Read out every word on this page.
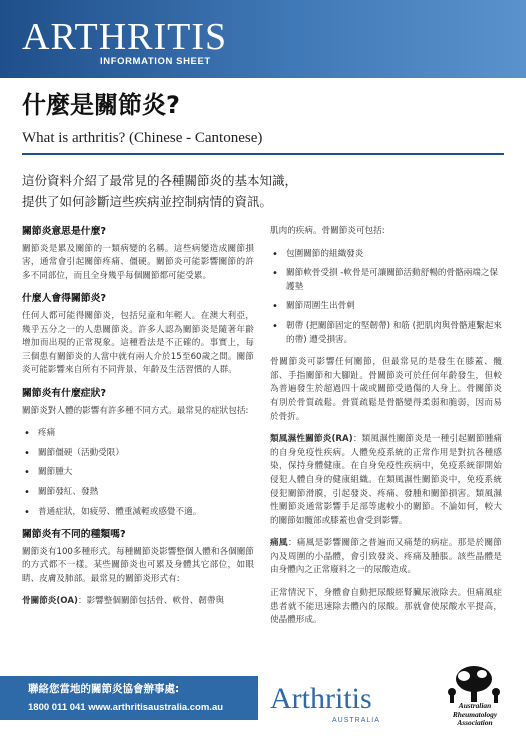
ARTHRITIS
INFORMATION SHEET
什麼是關節炎?
What is arthritis? (Chinese - Cantonese)
這份資料介紹了最常見的各種關節炎的基本知識，
提供了如何診斷這些疾病並控制病情的資訊。
關節炎意思是什麼?
關節炎是累及關節的一類病變的名稱。這些病變造成關節損害，通常會引起關節疼痛、僵硬。關節炎可能影響關節的許多不同部位，而且全身幾乎每個關節都可能受累。
什麼人會得關節炎?
任何人都可能得關節炎，包括兒童和年輕人。在澳大利亞，幾乎五分之一的人患關節炎。許多人認為關節炎是隨著年齡增加而出現的正常現象。這種看法是不正確的。事實上，每三個患有關節炎的人當中就有兩人介於15至60歲之間。關節炎可能影響來自所有不同背景、年齡及生活習慣的人群。
關節炎有什麼症狀?
關節炎對人體的影響有許多種不同方式。最常見的症狀包括:
• 疼痛
• 關節僵硬（活動受限）
• 關節腫大
• 關節發紅、發熱
• 普通症狀，如疲勞、體重減輕或感覺不適。
關節炎有不同的種類嗎?
關節炎有100多種形式。每種關節炎影響整個人體和各個關節的方式都不一樣。某些關節炎也可累及身體其它部位，如眼睛、皮膚及肺部。最常見的關節炎形式有:
骨關節炎(OA)：影響整個關節包括骨、軟骨、韌帶與
肌肉的疾病。骨關節炎可包括:
• 包圍關節的組織發炎
• 關節軟骨受損 -軟骨是可讓關節活動舒暢的骨骼兩端之保護墊
• 關節周圍生出骨刺
• 韌帶 (把關節固定的堅韌帶) 和筋 (把肌肉與骨骼連繫起來的帶) 遭受損害。
骨關節炎可影響任何關節，但最常見的是發生在膝蓋、髖部、手指關節和大腳趾。骨關節炎可於任何年齡發生，但較為普遍發生於超過四十歲或關節受過傷的人身上。骨關節炎有別於骨質疏鬆。骨質疏鬆是骨骼變得柔弱和脆弱，因而易於骨折。
類風濕性關節炎(RA)：類風濕性關節炎是一種引起關節腫痛的自身免疫性疾病。人體免疫系統的正常作用是對抗各種感染，保持身體健康。在自身免疫性疾病中，免疫系統卻開始侵犯人體自身的健康組織。在類風濕性關節炎中，免疫系統侵犯關節滑膜，引起發炎、疼痛、發腫和關節損害。類風濕性關節炎通常影響手足部等處較小的關節。不論如何，較大的關節如髖部或膝蓋也會受到影響。
痛風：痛風是影響關節之普遍而又痛楚的病症。那是於關節內及周圍的小晶體，會引致發炎、疼痛及腫脹。該些晶體是由身體內之正常廢料之一的尿酸造成。
正常情況下，身體會自動把尿酸經腎臟尿液除去。但痛風症患者就不能迅速除去體內的尿酸。那就會使尿酸水平提高，使晶體形成。
聯絡您當地的關節炎協會辦事處:
1800 011 041 www.arthritisaustralia.com.au Arthritis
AUSTRALIA
Australian
Rheumatology
Association
